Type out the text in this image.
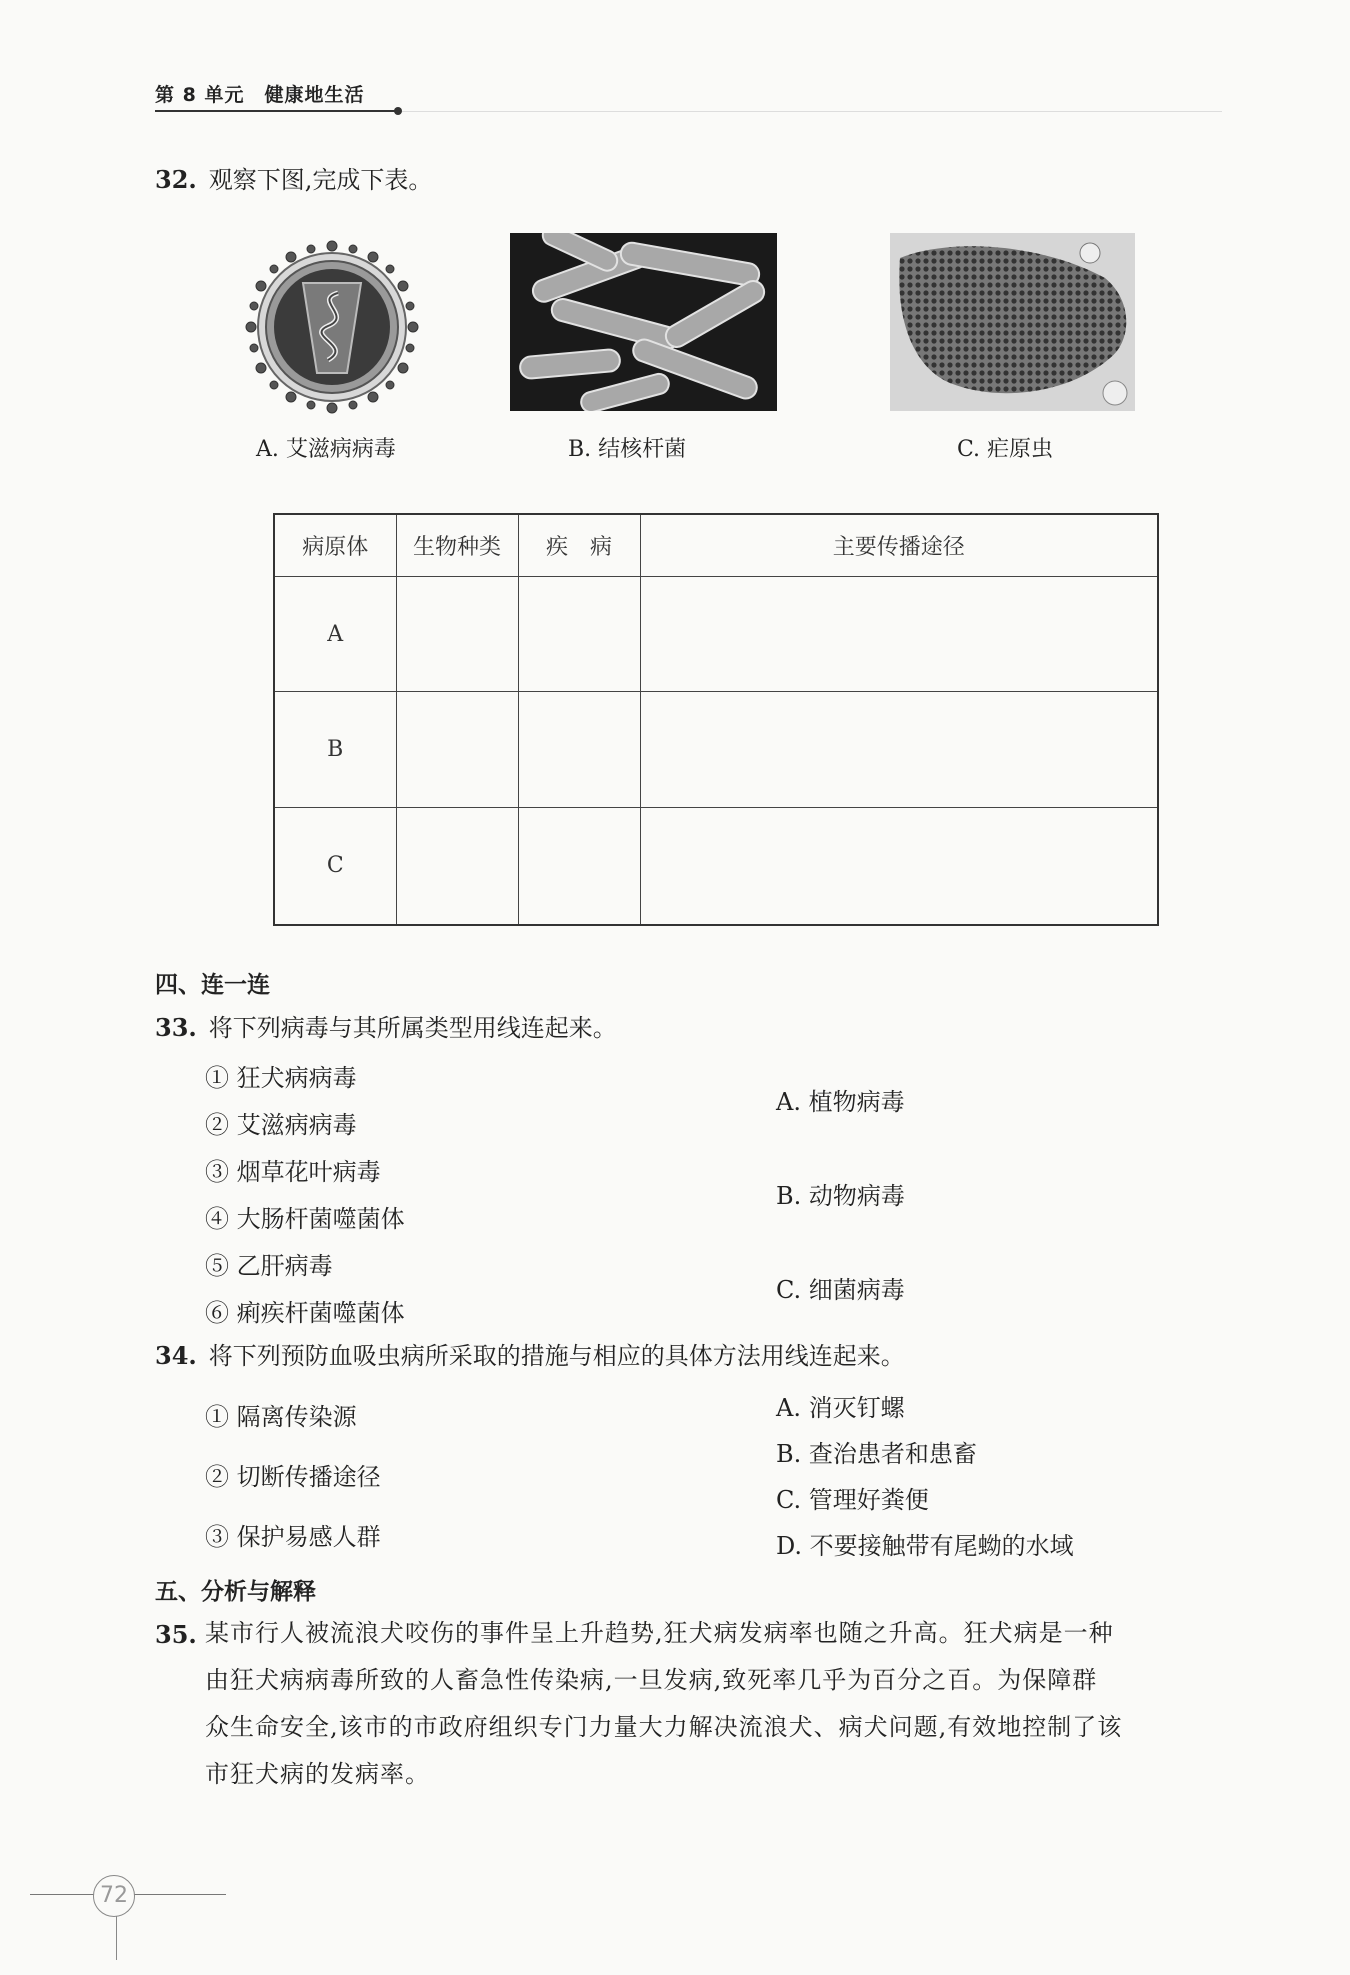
第 8 单元　健康地生活
32. 观察下图,完成下表。
A. 艾滋病病毒	B. 结核杆菌	C. 疟原虫
病原体	生物种类	疾　病	主要传播途径
A			
B			
C			
四、连一连
33. 将下列病毒与其所属类型用线连起来。
① 狂犬病病毒
② 艾滋病病毒
③ 烟草花叶病毒
④ 大肠杆菌噬菌体
⑤ 乙肝病毒
⑥ 痢疾杆菌噬菌体
A. 植物病毒
B. 动物病毒
C. 细菌病毒
34. 将下列预防血吸虫病所采取的措施与相应的具体方法用线连起来。
① 隔离传染源
② 切断传播途径
③ 保护易感人群
A. 消灭钉螺
B. 查治患者和患畜
C. 管理好粪便
D. 不要接触带有尾蚴的水域
五、分析与解释
35. 某市行人被流浪犬咬伤的事件呈上升趋势,狂犬病发病率也随之升高。狂犬病是一种
由狂犬病病毒所致的人畜急性传染病,一旦发病,致死率几乎为百分之百。为保障群
众生命安全,该市的市政府组织专门力量大力解决流浪犬、病犬问题,有效地控制了该
市狂犬病的发病率。
72
